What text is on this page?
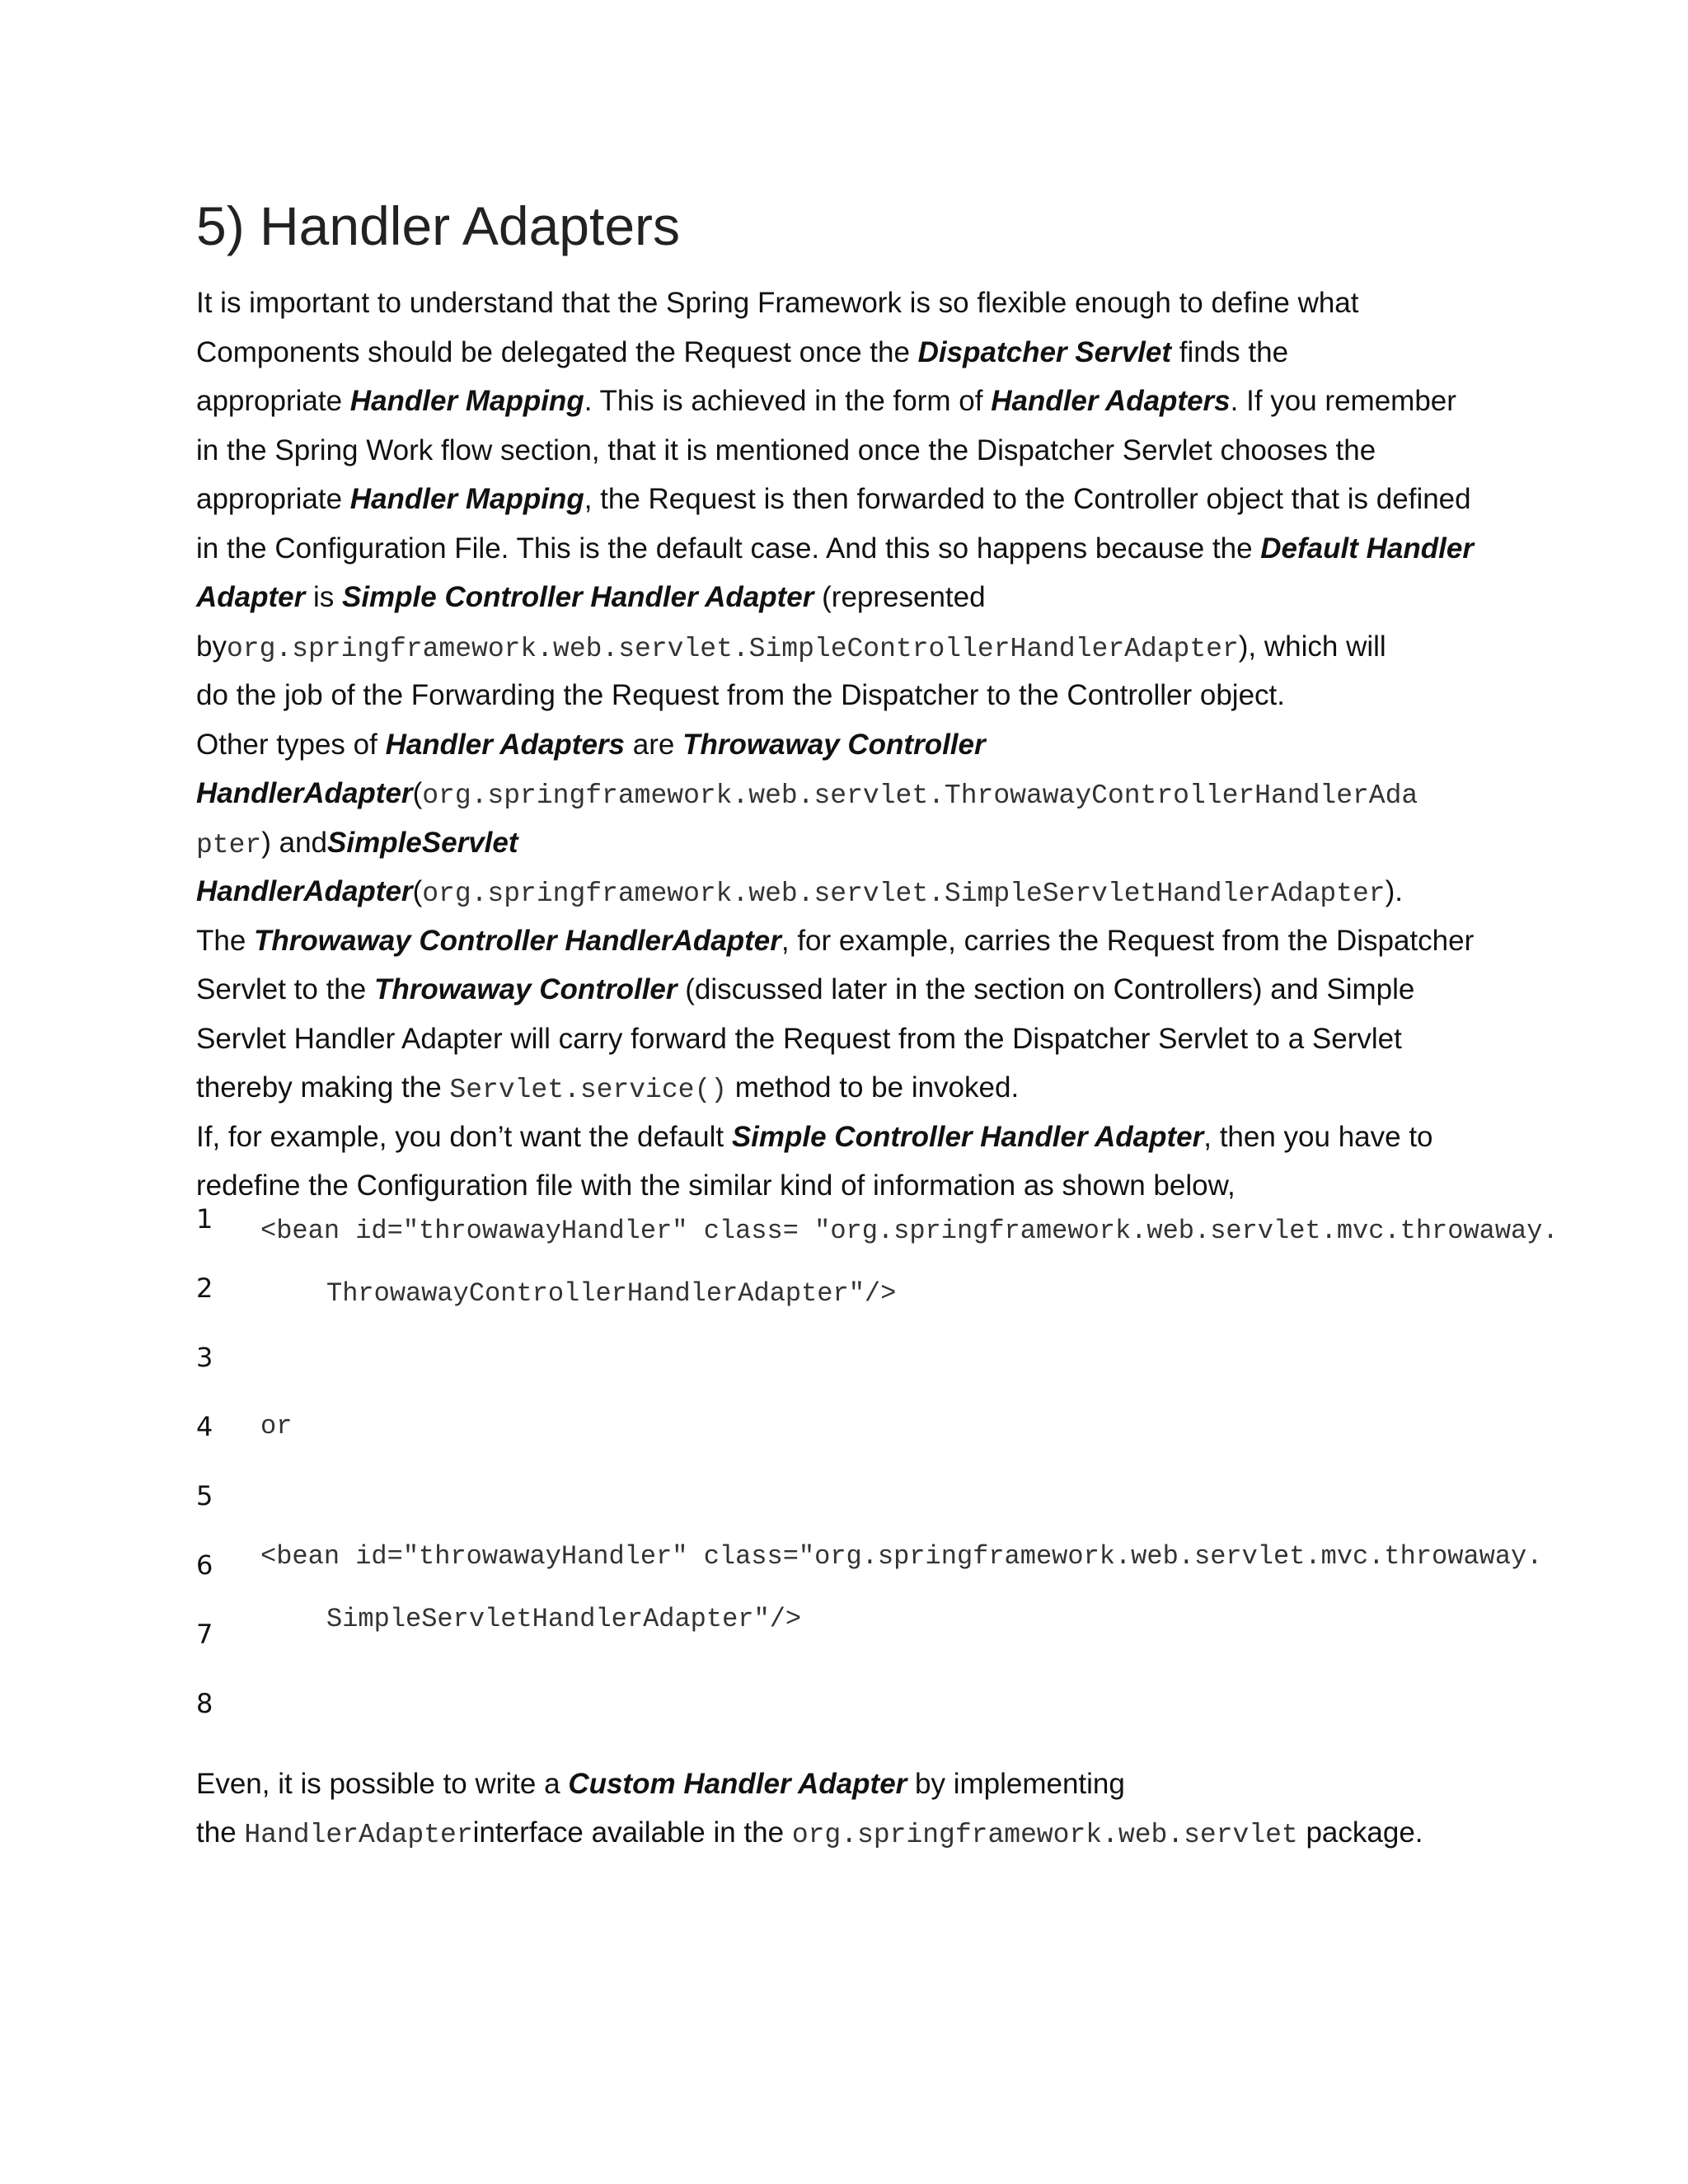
5) Handler Adapters
It is important to understand that the Spring Framework is so flexible enough to define what
Components should be delegated the Request once the Dispatcher Servlet finds the
appropriate Handler Mapping. This is achieved in the form of Handler Adapters. If you remember
in the Spring Work flow section, that it is mentioned once the Dispatcher Servlet chooses the
appropriate Handler Mapping, the Request is then forwarded to the Controller object that is defined
in the Configuration File. This is the default case. And this so happens because the Default Handler
Adapter is Simple Controller Handler Adapter (represented
byorg.springframework.web.servlet.SimpleControllerHandlerAdapter), which will
do the job of the Forwarding the Request from the Dispatcher to the Controller object.
Other types of Handler Adapters are Throwaway Controller
HandlerAdapter(org.springframework.web.servlet.ThrowawayControllerHandlerAda
pter) andSimpleServlet
HandlerAdapter(org.springframework.web.servlet.SimpleServletHandlerAdapter).
The Throwaway Controller HandlerAdapter, for example, carries the Request from the Dispatcher
Servlet to the Throwaway Controller (discussed later in the section on Controllers) and Simple
Servlet Handler Adapter will carry forward the Request from the Dispatcher Servlet to a Servlet
thereby making the Servlet.service() method to be invoked.
If, for example, you don’t want the default Simple Controller Handler Adapter, then you have to
redefine the Configuration file with the similar kind of information as shown below,
1
2
3
4
5
6
7
8
<bean id="throwawayHandler" class= "org.springframework.web.servlet.mvc.throwaway.
ThrowawayControllerHandlerAdapter"/>
or
<bean id="throwawayHandler" class="org.springframework.web.servlet.mvc.throwaway.
SimpleServletHandlerAdapter"/>
Even, it is possible to write a Custom Handler Adapter by implementing
the HandlerAdapterinterface available in the org.springframework.web.servlet package.
